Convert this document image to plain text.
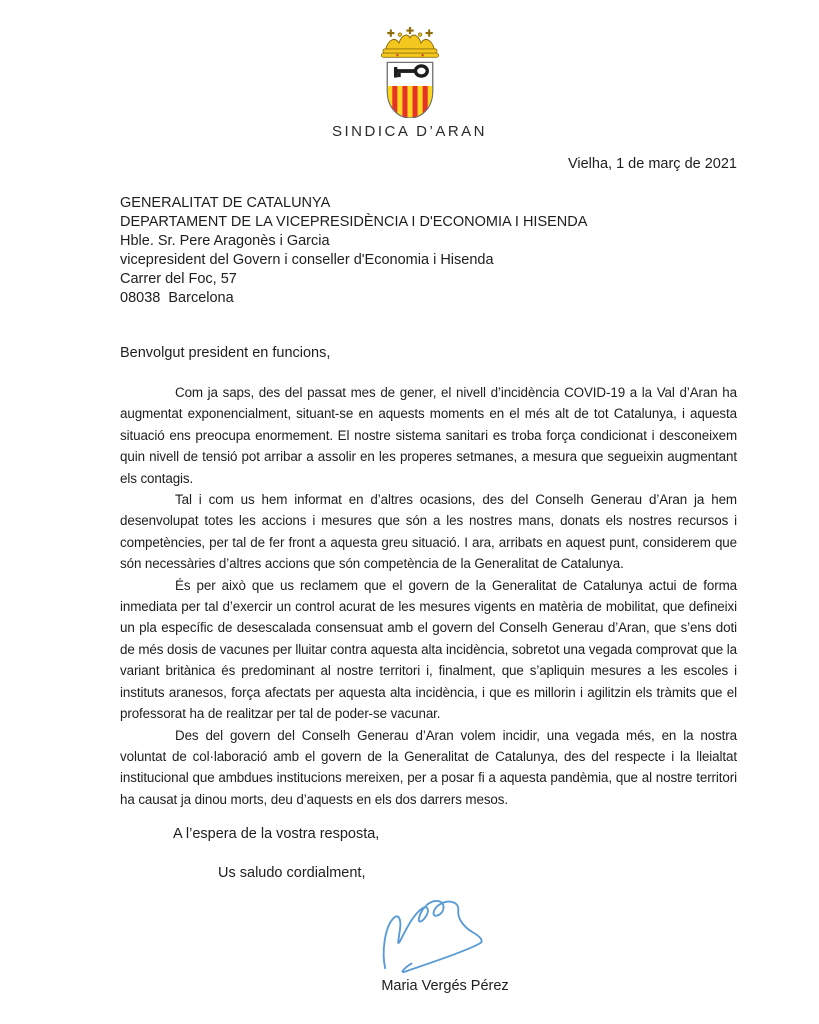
SINDICA D’ARAN
Vielha, 1 de març de 2021
GENERALITAT DE CATALUNYA
DEPARTAMENT DE LA VICEPRESIDÈNCIA I D'ECONOMIA I HISENDA
Hble. Sr. Pere Aragonès i Garcia
vicepresident del Govern i conseller d'Economia i Hisenda
Carrer del Foc, 57
08038  Barcelona
Benvolgut president en funcions,

Com ja saps, des del passat mes de gener, el nivell d’incidència COVID-19 a la Val d’Aran ha augmentat exponencialment, situant-se en aquests moments en el més alt de tot Catalunya, i aquesta situació ens preocupa enormement. El nostre sistema sanitari es troba força condicionat i desconeixem quin nivell de tensió pot arribar a assolir en les properes setmanes, a mesura que segueixin augmentant els contagis.

Tal i com us hem informat en d’altres ocasions, des del Conselh Generau d’Aran ja hem desenvolupat totes les accions i mesures que són a les nostres mans, donats els nostres recursos i competències, per tal de fer front a aquesta greu situació. I ara, arribats en aquest punt, considerem que són necessàries d’altres accions que són competència de la Generalitat de Catalunya.

És per això que us reclamem que el govern de la Generalitat de Catalunya actui de forma inmediata per tal d’exercir un control acurat de les mesures vigents en matèria de mobilitat, que defineixi un pla específic de desescalada consensuat amb el govern del Conselh Generau d’Aran, que s’ens doti de més dosis de vacunes per lluitar contra aquesta alta incidència, sobretot una vegada comprovat que la variant britànica és predominant al nostre territori i, finalment, que s’apliquin mesures a les escoles i instituts aranesos, força afectats per aquesta alta incidència, i que es millorin i agilitzin els tràmits que el professorat ha de realitzar per tal de poder-se vacunar.

Des del govern del Conselh Generau d’Aran volem incidir, una vegada més, en la nostra voluntat de col·laboració amb el govern de la Generalitat de Catalunya, des del respecte i la lleialtat institucional que ambdues institucions mereixen, per a posar fi a aquesta pandèmia, que al nostre territori ha causat ja dinou morts, deu d’aquests en els dos darrers mesos.

A l’espera de la vostra resposta,
Us saludo cordialment,
Maria Vergés Pérez
